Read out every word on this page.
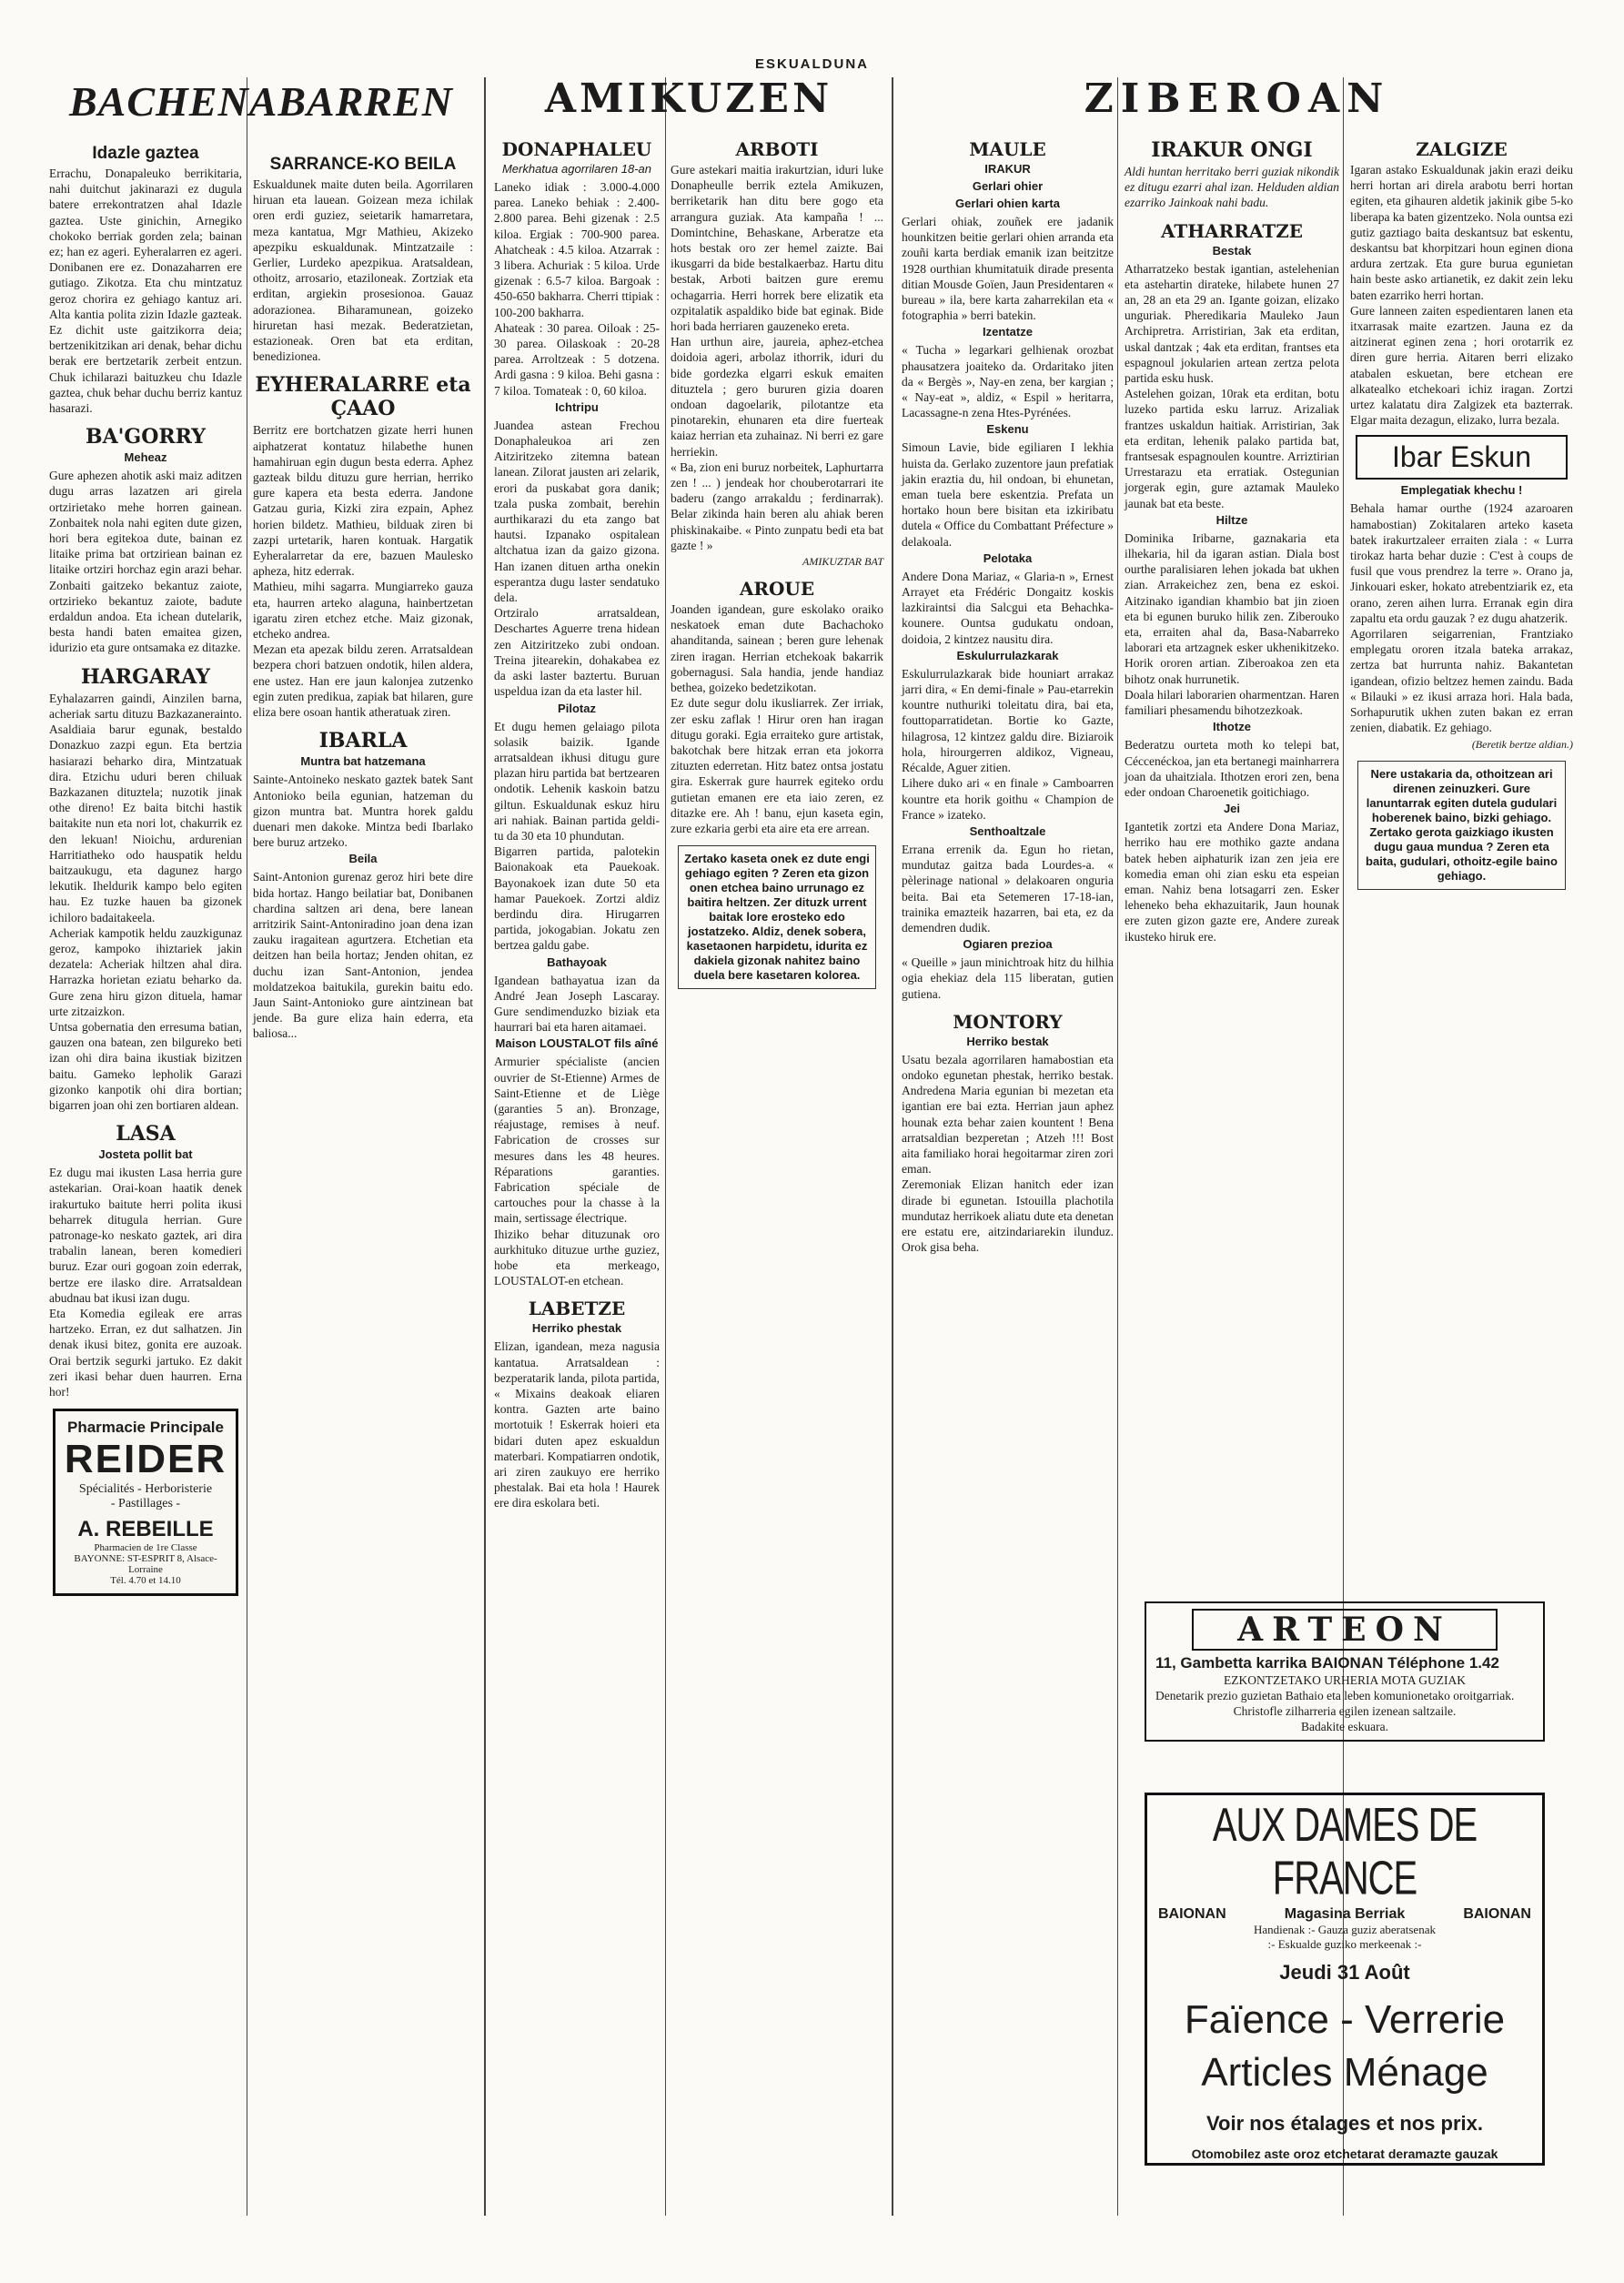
ESKUALDUNA
BACHENABARREN
Idazle gaztea

Errachu, Donapaleuko berrikitaria, nahi duitchut jakinarazi ez dugula batere errekontratzen ahal Idazle gaztea. Uste ginichin, Arnegiko chokoko berriak gorden zela; bainan ez; han ez ageri. Eyheralarren ez ageri. Donibanen ere ez. Donazaharren ere gutiago. Zikotza. Eta chu mintzatuz geroz chorira ez gehiago kantuz ari. Alta kantia polita zizin Idazle gazteak. Ez dichit uste gaitzikorra deia; bertzenikitzikan ari denak, behar dichu berak ere bertzetarik zerbeit entzun. Chuk ichilarazi baituzkeu chu Idazle gaztea, chuk behar duchu berriz kantuz hasarazi.

BA'GORRY
Meheaz

Gure aphezen ahotik aski maiz aditzen dugu arras lazatzen ari girela ortzirietako mehe horren gainean. Zonbaitek nola nahi egiten dute gizen, hori bera egitekoa dute, bainan ez litaike prima bat ortziriean bainan ez litaike ortziri horchaz egin arazi behar. Zonbaiti gaitzeko bekantuz zaiote, ortzirieko bekantuz zaiote, badute erdaldun andoa. Eta ichean dutelarik, besta handi baten emaitea gizen, idurizio eta gure ontsamaka ez ditazke.

HARGARAY

Eyhalazarren gaindi, Ainzilen barna, acheriak sartu dituzu Bazkazanerainto. Asaldiaia barur egunak, bestaldo Donazkuo zazpi egun. Eta bertzia hasiarazi beharko dira, Mintzatuak dira. Etzichu uduri beren chiluak Bazkazanen dituztela; nuzotik jinak othe direno! Ez baita bitchi hastik baitakite nun eta nori lot, chakurrik ez den lekuan! Nioichu, ardurenian Harritiatheko odo hauspatik heldu baitzaukugu, eta dagunez hargo lekutik. Iheldurik kampo belo egiten hau. Ez tuzke hauen ba gizonek ichiloro badaitakeela.

Acheriak kampotik heldu zauzkigunaz geroz, kampoko ihiztariek jakin dezatela: Acheriak hiltzen ahal dira. Harrazka horietan eziatu beharko da. Gure zena hiru gizon dituela, hamar urte zitzaizkon.

Untsa gobernatia den erresuma batian, gauzen ona batean, zen bilgureko beti izan ohi dira baina ikustiak bizitzen baitu. Gameko lepholik Garazi gizonko kanpotik ohi dira bortian; bigarren joan ohi zen bortiaren aldean.

LASA
Josteta pollit bat

Ez dugu mai ikusten Lasa herria gure astekarian. Orai-koan haatik denek irakurtuko baitute herri polita ikusi beharrek ditugula herrian. Gure patronage-ko neskato gaztek, ari dira trabalin lanean, beren komedieri buruz. Ezar ouri gogoan zoin ederrak, bertze ere ilasko dire. Arratsaldean abudnau bat ikusi izan dugu.

Eta Komedia egileak ere arras hartzeko. Erran, ez dut salhatzen. Jin denak ikusi bitez, gonita ere auzoak. Orai bertzik segurki jartuko. Ez dakit zeri ikasi behar duen haurren. Erna hor!

Pharmacie Principale
REIDER
Spécialités - Herboristerie
- Pastillages -
A. REBEILLE
Pharmacien de 1re Classe
BAYONNE: ST-ESPRIT 8, Alsace-Lorraine
Tél. 4.70 et 14.10
SARRANCE-KO BEILA

Eskualdunek maite duten beila. Agorrilaren hiruan eta lauean. Goizean meza ichilak oren erdi guziez, seietarik hamarretara, meza kantatua, Mgr Mathieu, Akizeko apezpiku eskualdunak. Mintzatzaile : Gerlier, Lurdeko apezpikua. Aratsaldean, othoitz, arrosario, etaziloneak. Zortziak eta erditan, argiekin prosesionoa. Gauaz adorazionea. Biharamunean, goizeko hiruretan hasi mezak. Bederatzietan, estazioneak. Oren bat eta erditan, benedizionea.

EYHERALARRE eta ÇAAO

Berritz ere bortchatzen gizate herri hunen aiphatzerat kontatuz hilabethe hunen hamahiruan egin dugun besta ederra. Aphez gazteak bildu dituzu gure herrian, herriko gure kapera eta besta ederra. Jandone Gatzau guria, Kizki zira ezpain, Aphez horien bildetz. Mathieu, bilduak ziren bi zazpi urtetarik, haren kontuak. Hargatik Eyheralarretar da ere, bazuen Maulesko apheza, hitz ederrak.

Mathieu, mihi sagarra. Mungiarreko gauza eta, haurren arteko alaguna, hainbertzetan igaratu ziren etchez etche. Maiz gizonak, etcheko andrea.

Mezan eta apezak bildu zeren. Arratsaldean bezpera chori batzuen ondotik, hilen aldera, ene ustez. Han ere jaun kalonjea zutzenko egin zuten predikua, zapiak bat hilaren, gure eliza bere osoan hantik atheratuak ziren.

IBARLA
Muntra bat hatzemana

Sainte-Antoineko neskato gaztek batek Sant Antonioko beila egunian, hatzeman du gizon muntra bat. Muntra horek galdu duenari men dakoke. Mintza bedi Ibarlako bere buruz artzeko.

Beila

Saint-Antonion gurenaz geroz hiri bete dire bida hortaz. Hango beilatiar bat, Donibanen chardina saltzen ari dena, bere lanean arritzirik Saint-Antoniradino joan dena izan zauku iragaitean agurtzera. Etchetian eta deitzen han beila hortaz; Jenden ohitan, ez duchu izan Sant-Antonion, jendea moldatzekoa baitukila, gurekin baitu edo. Jaun Saint-Antonioko gure aintzinean bat jende. Ba gure eliza hain ederra, eta baliosa...

AMIKUZEN
DONAPHALEU
Merkhatua agorrilaren 18-an

Laneko idiak : 3.000-4.000 parea. Laneko behiak : 2.400-2.800 parea. Behi gizenak : 2.5 kiloa. Ergiak : 700-900 parea. Ahatcheak : 4.5 kiloa. Atzarrak : 3 libera. Achuriak : 5 kiloa. Urde gizenak : 6.5-7 kiloa. Bargoak : 450-650 bakharra. Cherri ttipiak : 100-200 bakharra.

Ahateak : 30 parea. Oiloak : 25-30 parea. Oilaskoak : 20-28 parea. Arroltzeak : 5 dotzena. Ardi gasna : 9 kiloa. Behi gasna : 7 kiloa. Tomateak : 0, 60 kiloa.

Ichtripu

Juandea astean Frechou Donaphaleukoa ari zen Aitziritzeko zitemna batean lanean. Zilorat jausten ari zelarik, erori da puskabat gora danik; tzala puska zombait, berehin aurthikarazi du eta zango bat hautsi. Izpanako ospitalean altchatua izan da gaizo gizona. Han izanen dituen artha onekin esperantza dugu laster sendatuko dela.

Ortziralo arratsaldean, Deschartes Aguerre trena hidean zen Aitziritzeko zubi ondoan. Treina jitearekin, dohakabea ez da aski laster baztertu. Buruan uspeldua izan da eta laster hil.

Pilotaz

Et dugu hemen gelaiago pilota solasik baizik. Igande arratsaldean ikhusi ditugu gure plazan hiru partida bat bertzearen ondotik. Lehenik kaskoin batzu giltun. Eskualdunak eskuz hiru ari nahiak. Bainan partida geldi-tu da 30 eta 10 phundutan.

Bigarren partida, palotekin Baionakoak eta Pauekoak. Bayonakoek izan dute 50 eta hamar Pauekoek. Zortzi aldiz berdindu dira. Hirugarren partida, jokogabian. Jokatu zen bertzea galdu gabe.

Bathayoak

Igandean bathayatua izan da André Jean Joseph Lascaray. Gure sendimenduzko biziak eta haurrari bai eta haren aitamaei.

Maison LOUSTALOT fils aîné

Armurier spécialiste (ancien ouvrier de St-Etienne) Armes de Saint-Etienne et de Liège (garanties 5 an). Bronzage, réajustage, remises à neuf. Fabrication de crosses sur mesures dans les 48 heures. Réparations garanties. Fabrication spéciale de cartouches pour la chasse à la main, sertissage électrique.

Ihiziko behar dituzunak oro aurkhituko dituzue urthe guziez, hobe eta merkeago, LOUSTALOT-en etchean.

LABETZE
Herriko phestak

Elizan, igandean, meza nagusia kantatua. Arratsaldean : bezperatarik landa, pilota partida, « Mixains deakoak eliaren kontra. Gazten arte baino mortotuik ! Eskerrak hoieri eta bidari duten apez eskualdun materbari. Kompatiarren ondotik, ari ziren zaukuyo ere herriko phestalak. Bai eta hola ! Haurek ere dira eskolara beti.

ARBOTI

Gure astekari maitia irakurtzian, iduri luke Donapheulle berrik eztela Amikuzen, berriketarik han ditu bere gogo eta arrangura guziak. Ata kampaña ! ... Domintchine, Behaskane, Arberatze eta hots bestak oro zer hemel zaizte. Bai ikusgarri da bide bestalkaerbaz. Hartu ditu bestak, Arboti baitzen gure eremu ochagarria. Herri horrek bere elizatik eta ozpitalatik aspaldiko bide bat eginak. Bide hori bada herriaren gauzeneko ereta.

Han urthun aire, jaureia, aphez-etchea doidoia ageri, arbolaz ithorrik, iduri du bide gordezka elgarri eskuk emaiten dituztela ; gero bururen gizia doaren ondoan dagoelarik, pilotantze eta pinotarekin, ehunaren eta dire fuerteak kaiaz herrian eta zuhainaz. Ni berri ez gare herriekin.

« Ba, zion eni buruz norbeitek, Laphurtarra zen ! ... ) jendeak hor chouberotarrari ite baderu (zango arrakaldu ; ferdinarrak). Belar zikinda hain beren alu ahiak beren phiskinakaibe. « Pinto zunpatu bedi eta bat gazte ! »

AMIKUZTAR BAT
AROUE

Joanden igandean, gure eskolako oraiko neskatoek eman dute Bachachoko ahanditanda, sainean ; beren gure lehenak ziren iragan. Herrian etchekoak bakarrik gobernagusi. Sala handia, jende handiaz bethea, goizeko bedetzikotan.

Ez dute segur dolu ikusliarrek. Zer irriak, zer esku zaflak ! Hirur oren han iragan ditugu goraki. Egia erraiteko gure artistak, bakotchak bere hitzak erran eta jokorra zituzten ederretan. Hitz batez ontsa jostatu gira. Eskerrak gure haurrek egiteko ordu gutietan emanen ere eta iaio zeren, ez ditazke ere. Ah ! banu, ejun kaseta egin, zure ezkaria gerbi eta aire eta ere arrean.

Zertako kaseta onek ez dute engi gehiago egiten ? Zeren eta gizon onen etchea baino urrunago ez baitira heltzen. Zer dituzk urrent baitak lore erosteko edo jostatzeko. Aldiz, denek sobera, kasetaonen harpidetu, idurita ez dakiela gizonak nahitez baino duela bere kasetaren kolorea.
ZIBEROAN
MAULE
IRAKUR
Gerlari ohier
Gerlari ohien karta

Gerlari ohiak, zouñek ere jadanik hounkitzen beitie gerlari ohien arranda eta zouñi karta berdiak emanik izan beitzitze 1928 ourthian khumitatuik dirade presenta ditian Mousde Goïen, Jaun Presidentaren « bureau » ila, bere karta zaharrekilan eta « fotographia » berri batekin.

Izentatze

« Tucha » legarkari gelhienak orozbat phausatzera joaiteko da. Ordaritako jiten da « Bergès », Nay-en zena, ber kargian ; « Nay-eat », aldiz, « Espil » heritarra, Lacassagne-n zena Htes-Pyrénées.

Eskenu

Simoun Lavie, bide egiliaren I lekhia huista da. Gerlako zuzentore jaun prefatiak jakin eraztia du, hil ondoan, bi ehunetan, eman tuela bere eskentzia. Prefata un hortako houn bere bisitan eta izkiribatu dutela « Office du Combattant Préfecture » delakoala.

Pelotaka

Andere Dona Mariaz, « Glaria-n », Ernest Arrayet eta Frédéric Dongaitz koskis lazkiraintsi dia Salcgui eta Behachka-kounere. Ountsa gudukatu ondoan, doidoia, 2 kintzez nausitu dira.

Eskulurrulazkarak

Eskulurrulazkarak bide houniart arrakaz jarri dira, « En demi-finale » Pau-etarrekin kountre nuthuriki toleitatu dira, bai eta, fouttoparratidetan. Bortie ko Gazte, hilagrosa, 12 kintzez galdu dire. Biziaroik hola, hirourgerren aldikoz, Vigneau, Récalde, Aguer zitien.

Lihere duko ari « en finale » Camboarren kountre eta horik goithu « Champion de France » izateko.

Senthoaltzale

Errana errenik da. Egun ho rietan, mundutaz gaitza bada Lourdes-a. « pèlerinage national » delakoaren onguria beita. Bai eta Setemeren 17-18-ian, trainika emazteik hazarren, bai eta, ez da demendren dudik.

Ogiaren prezioa

« Queille » jaun minichtroak hitz du hilhia ogia ehekiaz dela 115 liberatan, gutien gutiena.

MONTORY
Herriko bestak

Usatu bezala agorrilaren hamabostian eta ondoko egunetan phestak, herriko bestak. Andredena Maria egunian bi mezetan eta igantian ere bai ezta. Herrian jaun aphez hounak ezta behar zaien kountent ! Bena arratsaldian bezperetan ; Atzeh !!! Bost aita familiako horai hegoitarmar ziren zori eman.

Zeremoniak Elizan hanitch eder izan dirade bi egunetan. Istouilla plachotila mundutaz herrikoek aliatu dute eta denetan ere estatu ere, aitzindariarekin ilunduz. Orok gisa beha.

IRAKUR ONGI

Aldi huntan herritako berri guziak nikondik ez ditugu ezarri ahal izan. Helduden aldian ezarriko Jainkoak nahi badu.

ATHARRATZE
Bestak

Atharratzeko bestak igantian, astelehenian eta astehartin dirateke, hilabete hunen 27 an, 28 an eta 29 an. Igante goizan, elizako unguriak. Pheredikaria Mauleko Jaun Archipretra. Arristirian, 3ak eta erditan, uskal dantzak ; 4ak eta erditan, frantses eta espagnoul jokularien artean zertza pelota partida esku husk.

Astelehen goizan, 10rak eta erditan, botu luzeko partida esku larruz. Arizaliak frantzes uskaldun haitiak. Arristirian, 3ak eta erditan, lehenik palako partida bat, frantsesak espagnoulen kountre. Arriztirian Urrestarazu eta erratiak. Ostegunian jorgerak egin, gure aztamak Mauleko jaunak bat eta beste.

Hiltze

Dominika Iribarne, gaznakaria eta ilhekaria, hil da igaran astian. Diala bost ourthe paralisiaren lehen jokada bat ukhen zian. Arrakeichez zen, bena ez eskoi. Aitzinako igandian khambio bat jin zioen eta bi egunen buruko hilik zen. Ziberouko eta, erraiten ahal da, Basa-Nabarreko laborari eta artzagnek esker ukhenikitzeko. Horik ororen artian. Ziberoakoa zen eta bihotz onak hurrunetik.

Doala hilari laborarien oharmentzan. Haren familiari phesamendu bihotzezkoak.

Ithotze

Bederatzu ourteta moth ko telepi bat, Céccenéckoa, jan eta bertanegi mainharrera joan da uhaitziala. Ithotzen erori zen, bena eder ondoan Charoenetik goitichiago.

Jei

Igantetik zortzi eta Andere Dona Mariaz, herriko hau ere mothiko gazte andana batek heben aiphaturik izan zen jeia ere komedia eman ohi zian esku eta espeian eman. Nahiz bena lotsagarri zen. Esker leheneko beha ekhazuitarik, Jaun hounak ere zuten gizon gazte ere, Andere zureak ikusteko hiruk ere.

ZALGIZE

Igaran astako Eskualdunak jakin erazi deiku herri hortan ari direla arabotu berri hortan egiten, eta gihauren aldetik jakinik gibe 5-ko liberapa ka baten gizentzeko. Nola ountsa ezi gutiz gaztiago baita deskantsuz bat eskentu, deskantsu bat khorpitzari houn eginen diona ardura zertzak. Eta gure burua egunietan hain beste asko artianetik, ez dakit zein leku baten ezarriko herri hortan.

Gure lanneen zaiten espedientaren lanen eta itxarrasak maite ezartzen. Jauna ez da aitzinerat eginen zena ; hori orotarrik ez diren gure herria. Aitaren berri elizako atabalen eskuetan, bere etchean ere alkatealko etchekoari ichiz iragan. Zortzi urtez kalatatu dira Zalgizek eta bazterrak. Elgar maita dezagun, elizako, lurra bezala.

Ibar Eskun
Emplegatiak khechu !

Behala hamar ourthe (1924 azaroaren hamabostian) Zokitalaren arteko kaseta batek irakurtzaleer erraiten ziala : « Lurra tirokaz harta behar duzie : C'est à coups de fusil que vous prendrez la terre ». Orano ja, Jinkouari esker, hokato atrebentziarik ez, eta orano, zeren aihen lurra. Erranak egin dira zapaltu eta ordu gauzak ? ez dugu ahatzerik.

Agorrilaren seigarrenian, Frantziako emplegatu ororen itzala bateka arrakaz, zertza bat hurrunta nahiz. Bakantetan igandean, ofizio beltzez hemen zaindu. Bada « Bilauki » ez ikusi arraza hori. Hala bada, Sorhapurutik ukhen zuten bakan ez erran zenien, diabatik. Ez gehiago.

(Beretik bertze aldian.)
Nere ustakaria da, othoitzean ari direnen zeinuzkeri. Gure lanuntarrak egiten dutela gudulari hoberenek baino, bizki gehiago. Zertako gerota gaizkiago ikusten dugu gaua mundua ? Zeren eta baita, gudulari, othoitz-egile baino gehiago.
ARTEON
11, Gambetta karrika BAIONAN Téléphone 1.42
EZKONTZETAKO URHERIA MOTA GUZIAK
Denetarik prezio guzietan Bathaio eta leben komunionetako oroitgarriak.
Christofle zilharreria egilen izenean saltzaile.
Badakite eskuara.
AUX DAMES DE FRANCE
BAIONAN	Magasina Berriak	BAIONAN
Handienak :- Gauza guziz aberatsenak
:- Eskualde guziko merkeenak :-
Jeudi 31 Août
Faïence - Verrerie
Articles Ménage
Voir nos étalages et nos prix.
Otomobilez aste oroz etchetarat deramazte gauzak
